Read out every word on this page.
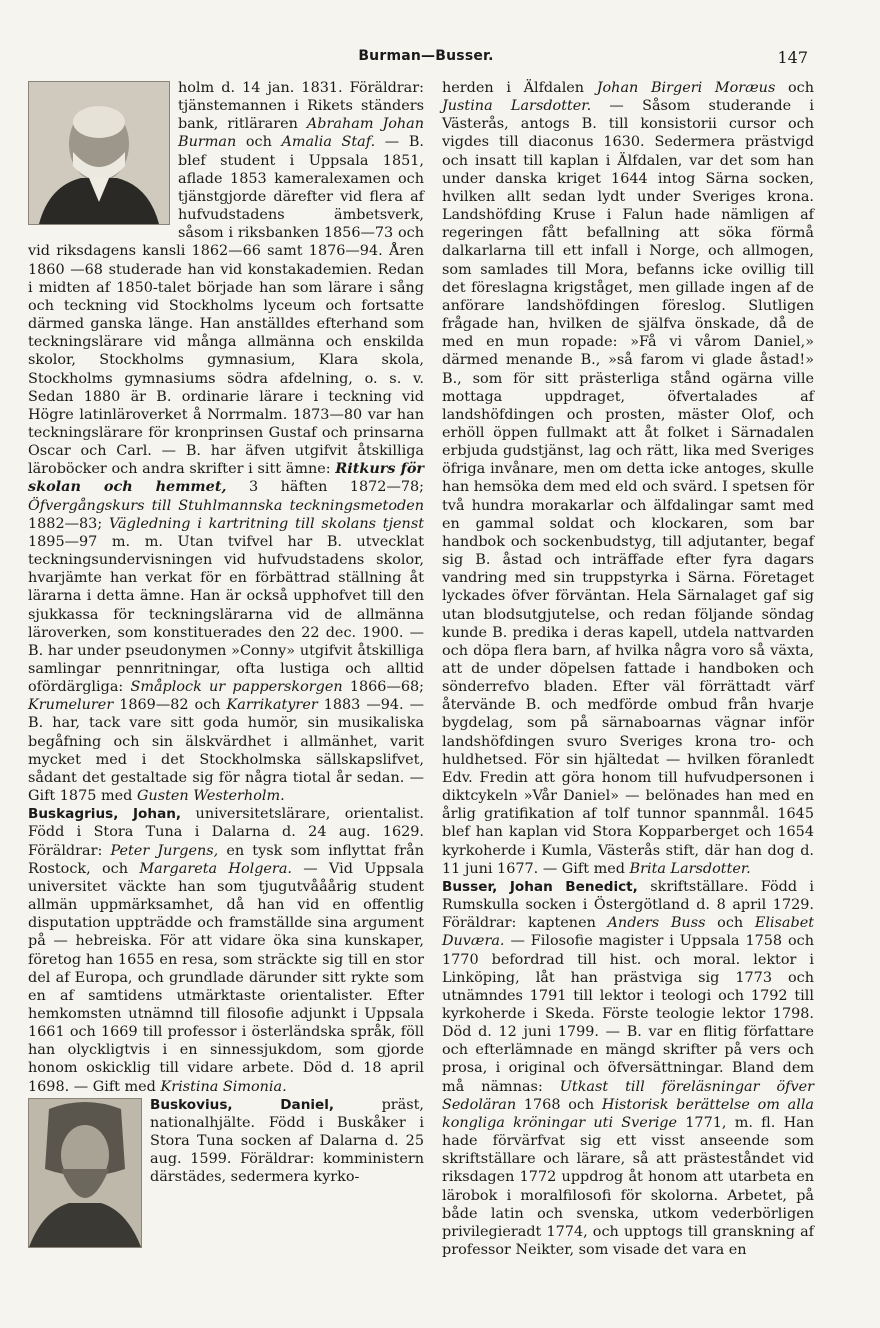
Burman—Busser.	147

holm d. 14 jan. 1831. Föräldrar: tjänstemannen i Rikets ständers bank, ritläraren Abraham Johan Burman och Amalia Staf. — B. blef student i Uppsala 1851, aflade 1853 kameralexamen och tjänstgjorde därefter vid flera af hufvudstadens ämbetsverk, såsom i riksbanken 1856—73 och vid riksdagens kansli 1862—66 samt 1876—94. Åren 1860 —68 studerade han vid konstakademien. Redan i midten af 1850-talet började han som lärare i sång och teckning vid Stockholms lyceum och fortsatte därmed ganska länge. Han anställdes efterhand som teckningslärare vid många allmänna och enskilda skolor, Stockholms gymnasium, Klara skola, Stockholms gymnasiums södra afdelning, o. s. v. Sedan 1880 är B. ordinarie lärare i teckning vid Högre latinläroverket å Norrmalm. 1873—80 var han teckningslärare för kronprinsen Gustaf och prinsarna Oscar och Carl. — B. har äfven utgifvit åtskilliga läroböcker och andra skrifter i sitt ämne: Ritkurs för skolan och hemmet, 3 häften 1872—78; Öfvergångskurs till Stuhlmannska teckningsmetoden 1882—83; Vägledning i kartritning till skolans tjenst 1895—97 m. m. Utan tvifvel har B. utvecklat teckningsundervisningen vid hufvudstadens skolor, hvarjämte han verkat för en förbättrad ställning åt lärarna i detta ämne. Han är också upphofvet till den sjukkassa för teckningslärarna vid de allmänna läroverken, som konstituerades den 22 dec. 1900. — B. har under pseudonymen »Conny» utgifvit åtskilliga samlingar pennritningar, ofta lustiga och alltid ofördärgliga: Småplock ur papperskorgen 1866—68; Krumelurer 1869—82 och Karrikatyrer 1883 —94. — B. har, tack vare sitt goda humör, sin musikaliska begåfning och sin älskvärdhet i allmänhet, varit mycket med i det Stockholmska sällskapslifvet, sådant det gestaltade sig för några tiotal år sedan. — Gift 1875 med Gusten Westerholm.

Buskagrius, Johan, universitetslärare, orientalist. Född i Stora Tuna i Dalarna d. 24 aug. 1629. Föräldrar: Peter Jurgens, en tysk som inflyttat från Rostock, och Margareta Holgera. — Vid Uppsala universitet väckte han som tjugutvååårig student allmän uppmärksamhet, då han vid en offentlig disputation uppträdde och framställde sina argument på — hebreiska. För att vidare öka sina kunskaper, företog han 1655 en resa, som sträckte sig till en stor del af Europa, och grundlade därunder sitt rykte som en af samtidens utmärktaste orientalister. Efter hemkomsten utnämnd till filosofie adjunkt i Uppsala 1661 och 1669 till professor i österländska språk, föll han olyckligtvis i en sinnessjukdom, som gjorde honom oskicklig till vidare arbete. Död d. 18 april 1698. — Gift med Kristina Simonia.

Buskovius, Daniel, präst, nationalhjälte. Född i Buskåker i Stora Tuna socken af Dalarna d. 25 aug. 1599. Föräldrar: komministern därstädes, sedermera kyrko-

herden i Älfdalen Johan Birgeri Moræus och Justina Larsdotter. — Såsom studerande i Västerås, antogs B. till konsistorii cursor och vigdes till diaconus 1630. Sedermera prästvigd och insatt till kaplan i Älfdalen, var det som han under danska kriget 1644 intog Särna socken, hvilken allt sedan lydt under Sveriges krona. Landshöfding Kruse i Falun hade nämligen af regeringen fått befallning att söka förmå dalkarlarna till ett infall i Norge, och allmogen, som samlades till Mora, befanns icke ovillig till det föreslagna krigståget, men gillade ingen af de anförare landshöfdingen föreslog. Slutligen frågade han, hvilken de själfva önskade, då de med en mun ropade: »Få vi vårom Daniel,» därmed menande B., »så farom vi glade åstad!» B., som för sitt prästerliga stånd ogärna ville mottaga uppdraget, öfvertalades af landshöfdingen och prosten, mäster Olof, och erhöll öppen fullmakt att åt folket i Särnadalen erbjuda gudstjänst, lag och rätt, lika med Sveriges öfriga invånare, men om detta icke antoges, skulle han hemsöka dem med eld och svärd. I spetsen för två hundra morakarlar och älfdalingar samt med en gammal soldat och klockaren, som bar handbok och sockenbudstyg, till adjutanter, begaf sig B. åstad och inträffade efter fyra dagars vandring med sin truppstyrka i Särna. Företaget lyckades öfver förväntan. Hela Särnalaget gaf sig utan blodsutgjutelse, och redan följande söndag kunde B. predika i deras kapell, utdela nattvarden och döpa flera barn, af hvilka några voro så växta, att de under döpelsen fattade i handboken och sönderrefvo bladen. Efter väl förrättadt värf återvände B. och medförde ombud från hvarje bygdelag, som på särnaboarnas vägnar inför landshöfdingen svuro Sveriges krona tro- och huldhetsed. För sin hjältedat — hvilken föranledt Edv. Fredin att göra honom till hufvudpersonen i diktcykeln »Vår Daniel» — belönades han med en årlig gratifikation af tolf tunnor spannmål. 1645 blef han kaplan vid Stora Kopparberget och 1654 kyrkoherde i Kumla, Västerås stift, där han dog d. 11 juni 1677. — Gift med Brita Larsdotter.

Busser, Johan Benedict, skriftställare. Född i Rumskulla socken i Östergötland d. 8 april 1729. Föräldrar: kaptenen Anders Buss och Elisabet Duværa. — Filosofie magister i Uppsala 1758 och 1770 befordrad till hist. och moral. lektor i Linköping, låt han prästviga sig 1773 och utnämndes 1791 till lektor i teologi och 1792 till kyrkoherde i Skeda. Förste teologie lektor 1798. Död d. 12 juni 1799. — B. var en flitig författare och efterlämnade en mängd skrifter på vers och prosa, i original och öfversättningar. Bland dem må nämnas: Utkast till föreläsningar öfver Sedoläran 1768 och Historisk berättelse om alla kongliga kröningar uti Sverige 1771, m. fl. Han hade förvärfvat sig ett visst anseende som skriftställare och lärare, så att prästeståndet vid riksdagen 1772 uppdrog åt honom att utarbeta en lärobok i moralfilosofi för skolorna. Arbetet, på både latin och svenska, utkom vederbörligen privilegieradt 1774, och upptogs till granskning af professor Neikter, som visade det vara en
